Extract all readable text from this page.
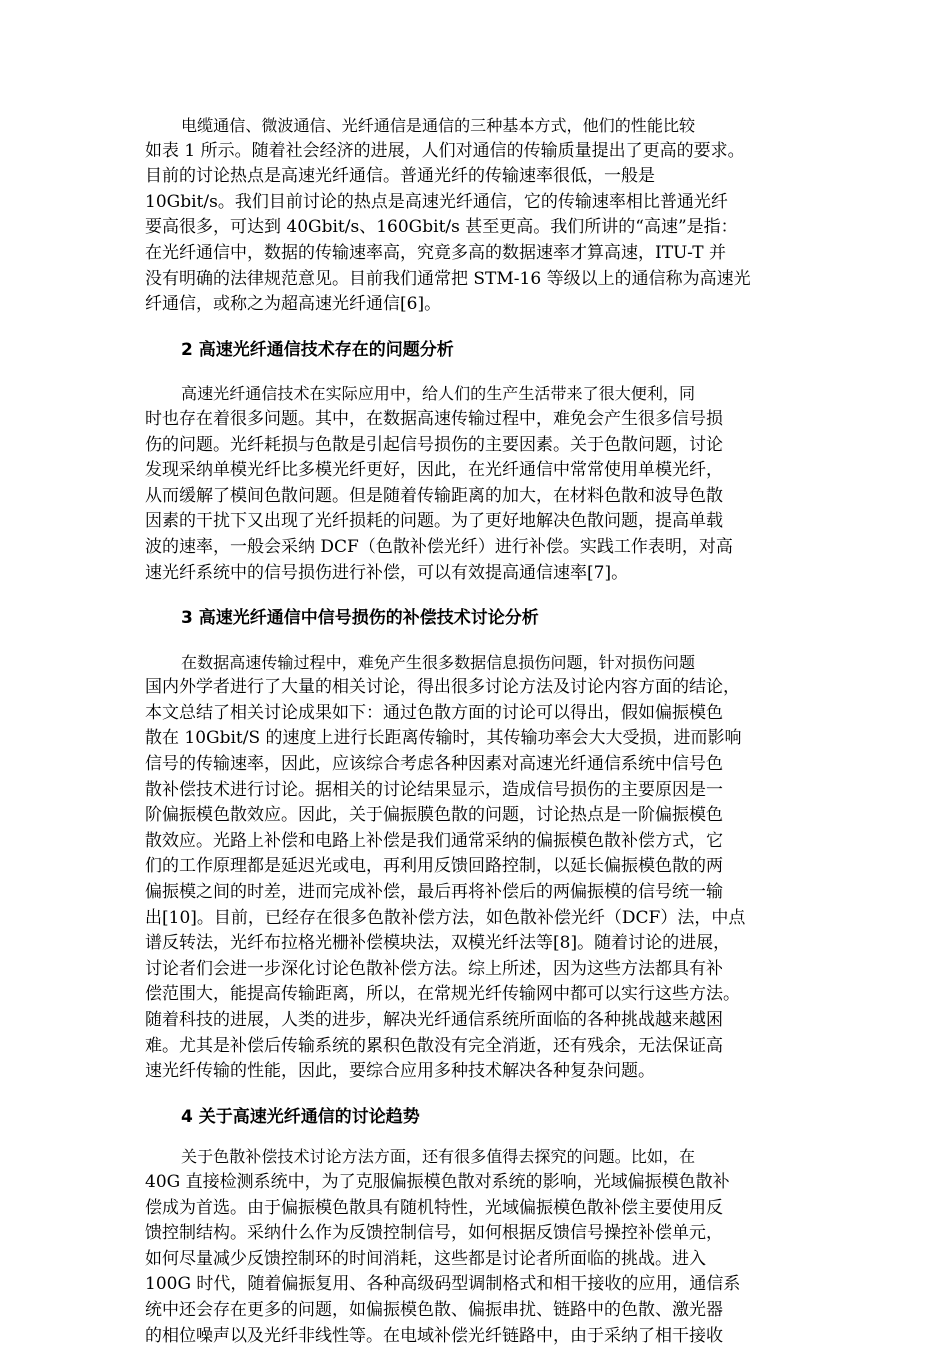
电缆通信、微波通信、光纤通信是通信的三种基本方式，他们的性能比较

如表 1 所示。随着社会经济的进展，人们对通信的传输质量提出了更高的要求。

目前的讨论热点是高速光纤通信。普通光纤的传输速率很低，一般是

10Gbit/s。我们目前讨论的热点是高速光纤通信，它的传输速率相比普通光纤

要高很多，可达到 40Gbit/s、160Gbit/s 甚至更高。我们所讲的“高速”是指：

在光纤通信中，数据的传输速率高，究竟多高的数据速率才算高速，ITU-T 并

没有明确的法律规范意见。目前我们通常把 STM-16 等级以上的通信称为高速光

纤通信，或称之为超高速光纤通信[6]。

2 高速光纤通信技术存在的问题分析

高速光纤通信技术在实际应用中，给人们的生产生活带来了很大便利，同

时也存在着很多问题。其中，在数据高速传输过程中，难免会产生很多信号损

伤的问题。光纤耗损与色散是引起信号损伤的主要因素。关于色散问题，讨论

发现采纳单模光纤比多模光纤更好，因此，在光纤通信中常常使用单模光纤，

从而缓解了模间色散问题。但是随着传输距离的加大，在材料色散和波导色散

因素的干扰下又出现了光纤损耗的问题。为了更好地解决色散问题，提高单载

波的速率，一般会采纳 DCF（色散补偿光纤）进行补偿。实践工作表明，对高

速光纤系统中的信号损伤进行补偿，可以有效提高通信速率[7]。

3 高速光纤通信中信号损伤的补偿技术讨论分析

在数据高速传输过程中，难免产生很多数据信息损伤问题，针对损伤问题

国内外学者进行了大量的相关讨论，得出很多讨论方法及讨论内容方面的结论，

本文总结了相关讨论成果如下：通过色散方面的讨论可以得出，假如偏振模色

散在 10Gbit/S 的速度上进行长距离传输时，其传输功率会大大受损，进而影响

信号的传输速率，因此，应该综合考虑各种因素对高速光纤通信系统中信号色

散补偿技术进行讨论。据相关的讨论结果显示，造成信号损伤的主要原因是一

阶偏振模色散效应。因此，关于偏振膜色散的问题，讨论热点是一阶偏振模色

散效应。光路上补偿和电路上补偿是我们通常采纳的偏振模色散补偿方式，它

们的工作原理都是延迟光或电，再利用反馈回路控制，以延长偏振模色散的两

偏振模之间的时差，进而完成补偿，最后再将补偿后的两偏振模的信号统一输

出[10]。目前，已经存在很多色散补偿方法，如色散补偿光纤（DCF）法，中点

谱反转法，光纤布拉格光栅补偿模块法，双模光纤法等[8]。随着讨论的进展，

讨论者们会进一步深化讨论色散补偿方法。综上所述，因为这些方法都具有补

偿范围大，能提高传输距离，所以，在常规光纤传输网中都可以实行这些方法。

随着科技的进展，人类的进步，解决光纤通信系统所面临的各种挑战越来越困

难。尤其是补偿后传输系统的累积色散没有完全消逝，还有残余，无法保证高

速光纤传输的性能，因此，要综合应用多种技术解决各种复杂问题。

4 关于高速光纤通信的讨论趋势

关于色散补偿技术讨论方法方面，还有很多值得去探究的问题。比如，在

40G 直接检测系统中，为了克服偏振模色散对系统的影响，光域偏振模色散补

偿成为首选。由于偏振模色散具有随机特性，光域偏振模色散补偿主要使用反

馈控制结构。采纳什么作为反馈控制信号，如何根据反馈信号操控补偿单元，

如何尽量减少反馈控制环的时间消耗，这些都是讨论者所面临的挑战。进入

100G 时代，随着偏振复用、各种高级码型调制格式和相干接收的应用，通信系

统中还会存在更多的问题，如偏振模色散、偏振串扰、链路中的色散、激光器

的相位噪声以及光纤非线性等。在电域补偿光纤链路中，由于采纳了相干接收
